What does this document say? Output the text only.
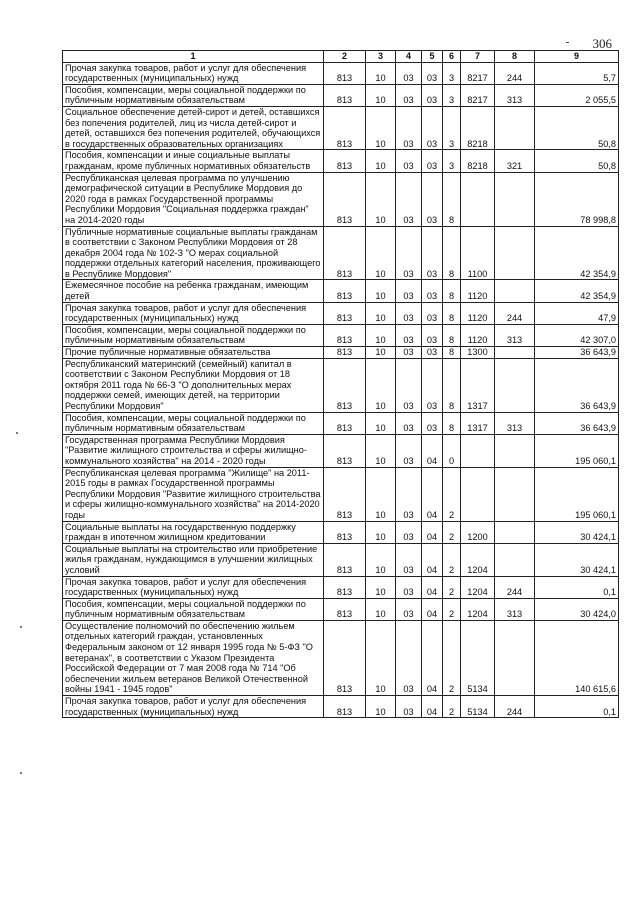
306
1	2	3	4	5	6	7	8	9
Прочая закупка товаров, работ и услуг для обеспечения государственных (муниципальных) нужд	813	10	03	03	3	8217	244	5,7
Пособия, компенсации, меры социальной поддержки по публичным нормативным обязательствам	813	10	03	03	3	8217	313	2 055,5
Социальное обеспечение детей-сирот и детей, оставшихся без попечения родителей, лиц из числа детей-сирот и детей, оставшихся без попечения родителей, обучающихся в государственных образовательных организациях	813	10	03	03	3	8218		50,8
Пособия, компенсации и иные социальные выплаты гражданам, кроме публичных нормативных обязательств	813	10	03	03	3	8218	321	50,8
Республиканская целевая программа по улучшению демографической ситуации в Республике Мордовия до 2020 года в рамках Государственной программы Республики Мордовия "Социальная поддержка граждан" на 2014-2020 годы	813	10	03	03	8			78 998,8
Публичные нормативные социальные выплаты гражданам в соответствии с Законом Республики Мордовия от 28 декабря 2004 года № 102-З "О мерах социальной поддержки отдельных категорий населения, проживающего в Республике Мордовия"	813	10	03	03	8	1100		42 354,9
Ежемесячное пособие на ребенка гражданам, имеющим детей	813	10	03	03	8	1120		42 354,9
Прочая закупка товаров, работ и услуг для обеспечения государственных (муниципальных) нужд	813	10	03	03	8	1120	244	47,9
Пособия, компенсации, меры социальной поддержки по публичным нормативным обязательствам	813	10	03	03	8	1120	313	42 307,0
Прочие публичные нормативные обязательства	813	10	03	03	8	1300		36 643,9
Республиканский материнский (семейный) капитал в соответствии с Законом Республики Мордовия от 18 октября 2011 года № 66-З "О дополнительных мерах поддержки семей, имеющих детей, на территории Республики Мордовия"	813	10	03	03	8	1317		36 643,9
Пособия, компенсации, меры социальной поддержки по публичным нормативным обязательствам	813	10	03	03	8	1317	313	36 643,9
Государственная программа Республики Мордовия "Развитие жилищного строительства и сферы жилищно-коммунального хозяйства" на 2014 - 2020 годы	813	10	03	04	0			195 060,1
Республиканская целевая программа "Жилище" на 2011-2015 годы в рамках Государственной программы Республики Мордовия "Развитие жилищного строительства и сферы жилищно-коммунального хозяйства" на 2014-2020 годы	813	10	03	04	2			195 060,1
Социальные выплаты на государственную поддержку граждан в ипотечном жилищном кредитовании	813	10	03	04	2	1200		30 424,1
Социальные выплаты на строительство или приобретение жилья гражданам, нуждающимся в улучшении жилищных условий	813	10	03	04	2	1204		30 424,1
Прочая закупка товаров, работ и услуг для обеспечения государственных (муниципальных) нужд	813	10	03	04	2	1204	244	0,1
Пособия, компенсации, меры социальной поддержки по публичным нормативным обязательствам	813	10	03	04	2	1204	313	30 424,0
Осуществление полномочий по обеспечению жильем отдельных категорий граждан, установленных Федеральным законом от 12 января 1995 года № 5-ФЗ "О ветеранах", в соответствии с Указом Президента Российской Федерации от 7 мая 2008 года № 714 "Об обеспечении жильем ветеранов Великой Отечественной войны 1941 - 1945 годов"	813	10	03	04	2	5134		140 615,6
Прочая закупка товаров, работ и услуг для обеспечения государственных (муниципальных) нужд	813	10	03	04	2	5134	244	0,1
